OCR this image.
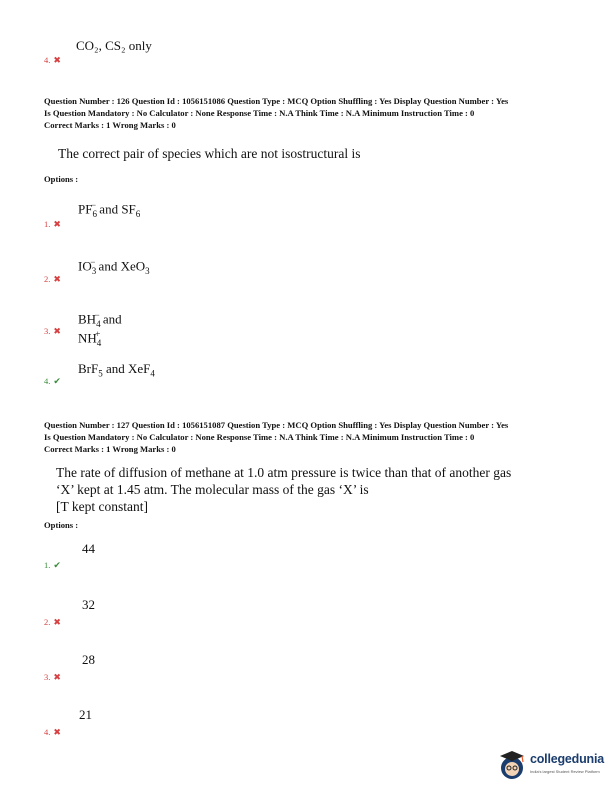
CO₂, CS₂ only
4. ✖
Question Number : 126 Question Id : 1056151086 Question Type : MCQ Option Shuffling : Yes Display Question Number : Yes
Is Question Mandatory : No Calculator : None Response Time : N.A Think Time : N.A Minimum Instruction Time : 0
Correct Marks : 1 Wrong Marks : 0
The correct pair of species which are not isostructural is
Options :
$PF_6^-$ and $SF_6$
1. ✖
$IO_3^-$ and XeO$_3$
2. ✖
$BH_4^-$ and $NH_4^+$
3. ✖
BrF$_5$ and XeF$_4$
4. ✔
Question Number : 127 Question Id : 1056151087 Question Type : MCQ Option Shuffling : Yes Display Question Number : Yes
Is Question Mandatory : No Calculator : None Response Time : N.A Think Time : N.A Minimum Instruction Time : 0
Correct Marks : 1 Wrong Marks : 0
The rate of diffusion of methane at 1.0 atm pressure is twice than that of another gas
‘X’ kept at 1.45 atm. The molecular mass of the gas ‘X’ is
[T kept constant]
Options :
44
1. ✔
32
2. ✖
28
3. ✖
21
4. ✖
collegedunia
India's largest Student Review Platform
